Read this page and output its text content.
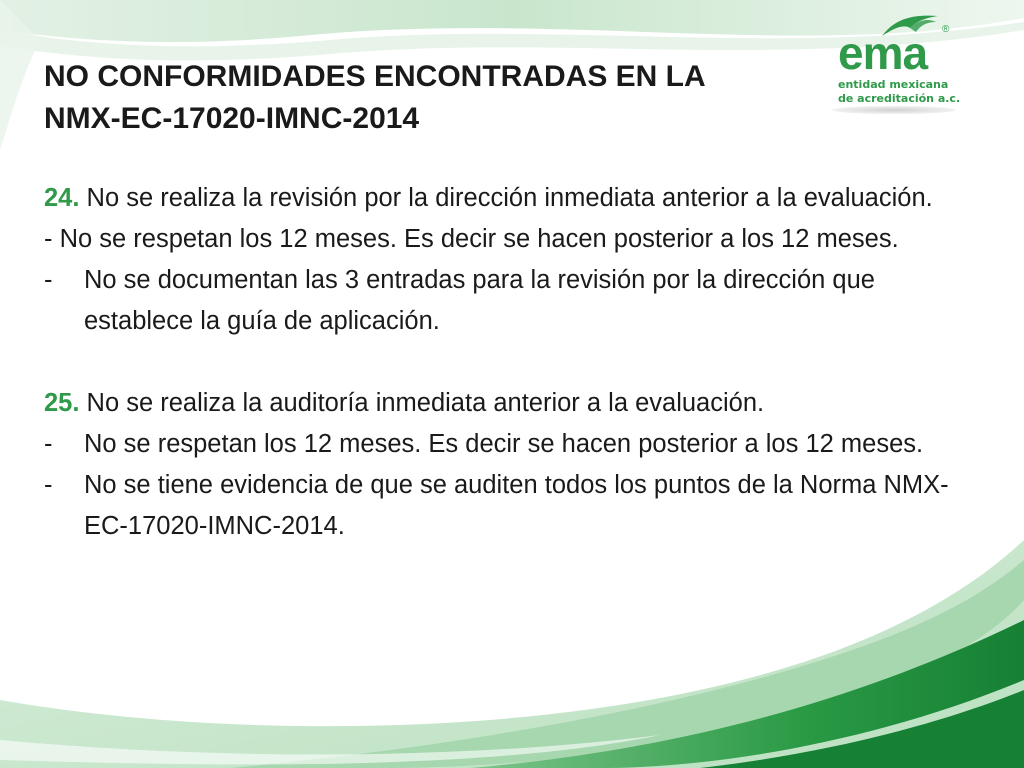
NO CONFORMIDADES ENCONTRADAS EN LA
NMX-EC-17020-IMNC-2014
ema ®
entidad mexicana
de acreditación a.c.

24. No se realiza la revisión por la dirección inmediata anterior a la evaluación.

- No se respetan los 12 meses. Es decir se hacen posterior a los 12 meses.

-	No se documentan las 3 entradas para la revisión por la dirección que establece la guía de aplicación.

25. No se realiza la auditoría inmediata anterior a la evaluación.

-	No se respetan los 12 meses. Es decir se hacen posterior a los 12 meses.
-	No se tiene evidencia de que se auditen todos los puntos de la Norma NMX-EC-17020-IMNC-2014.
